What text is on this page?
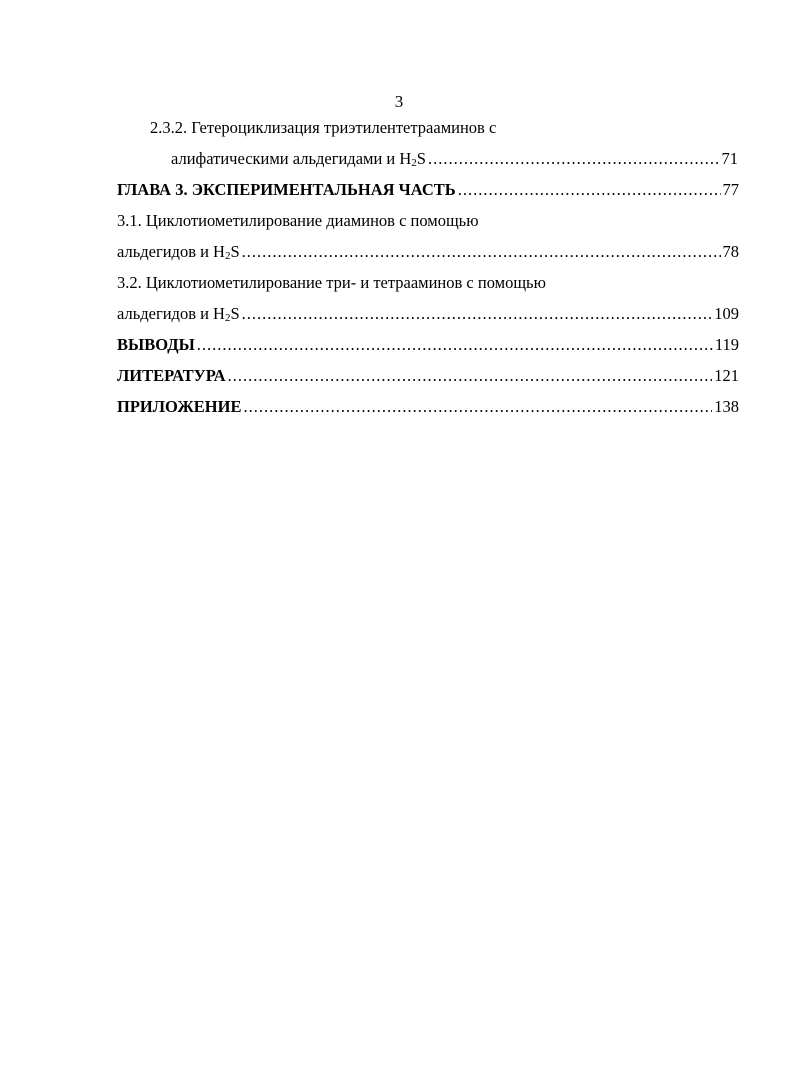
3
2.3.2. Гетероциклизация триэтилентетрааминов с
алифатическими альдегидами и $H_2S$ .....	71
ГЛАВА 3. ЭКСПЕРИМЕНТАЛЬНАЯ ЧАСТЬ .....	77
3.1. Циклотиометилирование диаминов с помощью
альдегидов и $H_2S$ .....	78
3.2. Циклотиометилирование три- и тетрааминов с помощью
альдегидов и $H_2S$ .....	109
ВЫВОДЫ .....	119
ЛИТЕРАТУРА .....	121
ПРИЛОЖЕНИЕ .....	138
